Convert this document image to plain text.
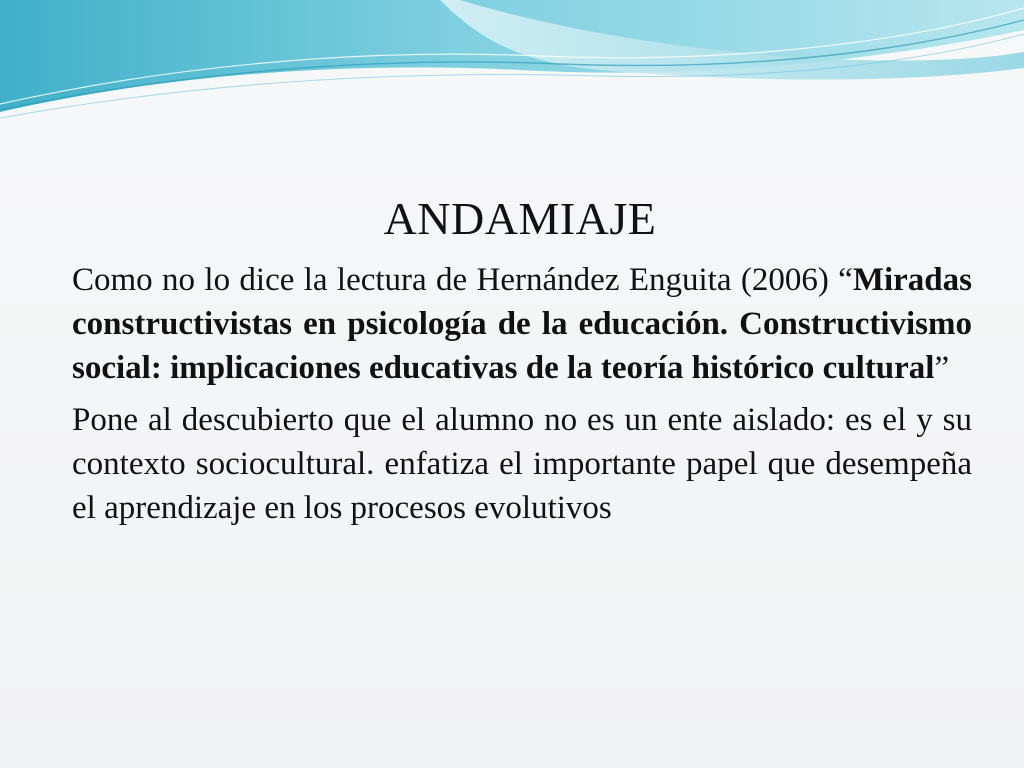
ANDAMIAJE

Como no lo dice la lectura de Hernández Enguita (2006) “Miradas constructivistas en psicología de la educación. Constructivismo social: implicaciones educativas de la teoría histórico cultural”

Pone al descubierto que el alumno no es un ente aislado: es el y su contexto sociocultural. enfatiza el importante papel que desempeña el aprendizaje en los procesos evolutivos
